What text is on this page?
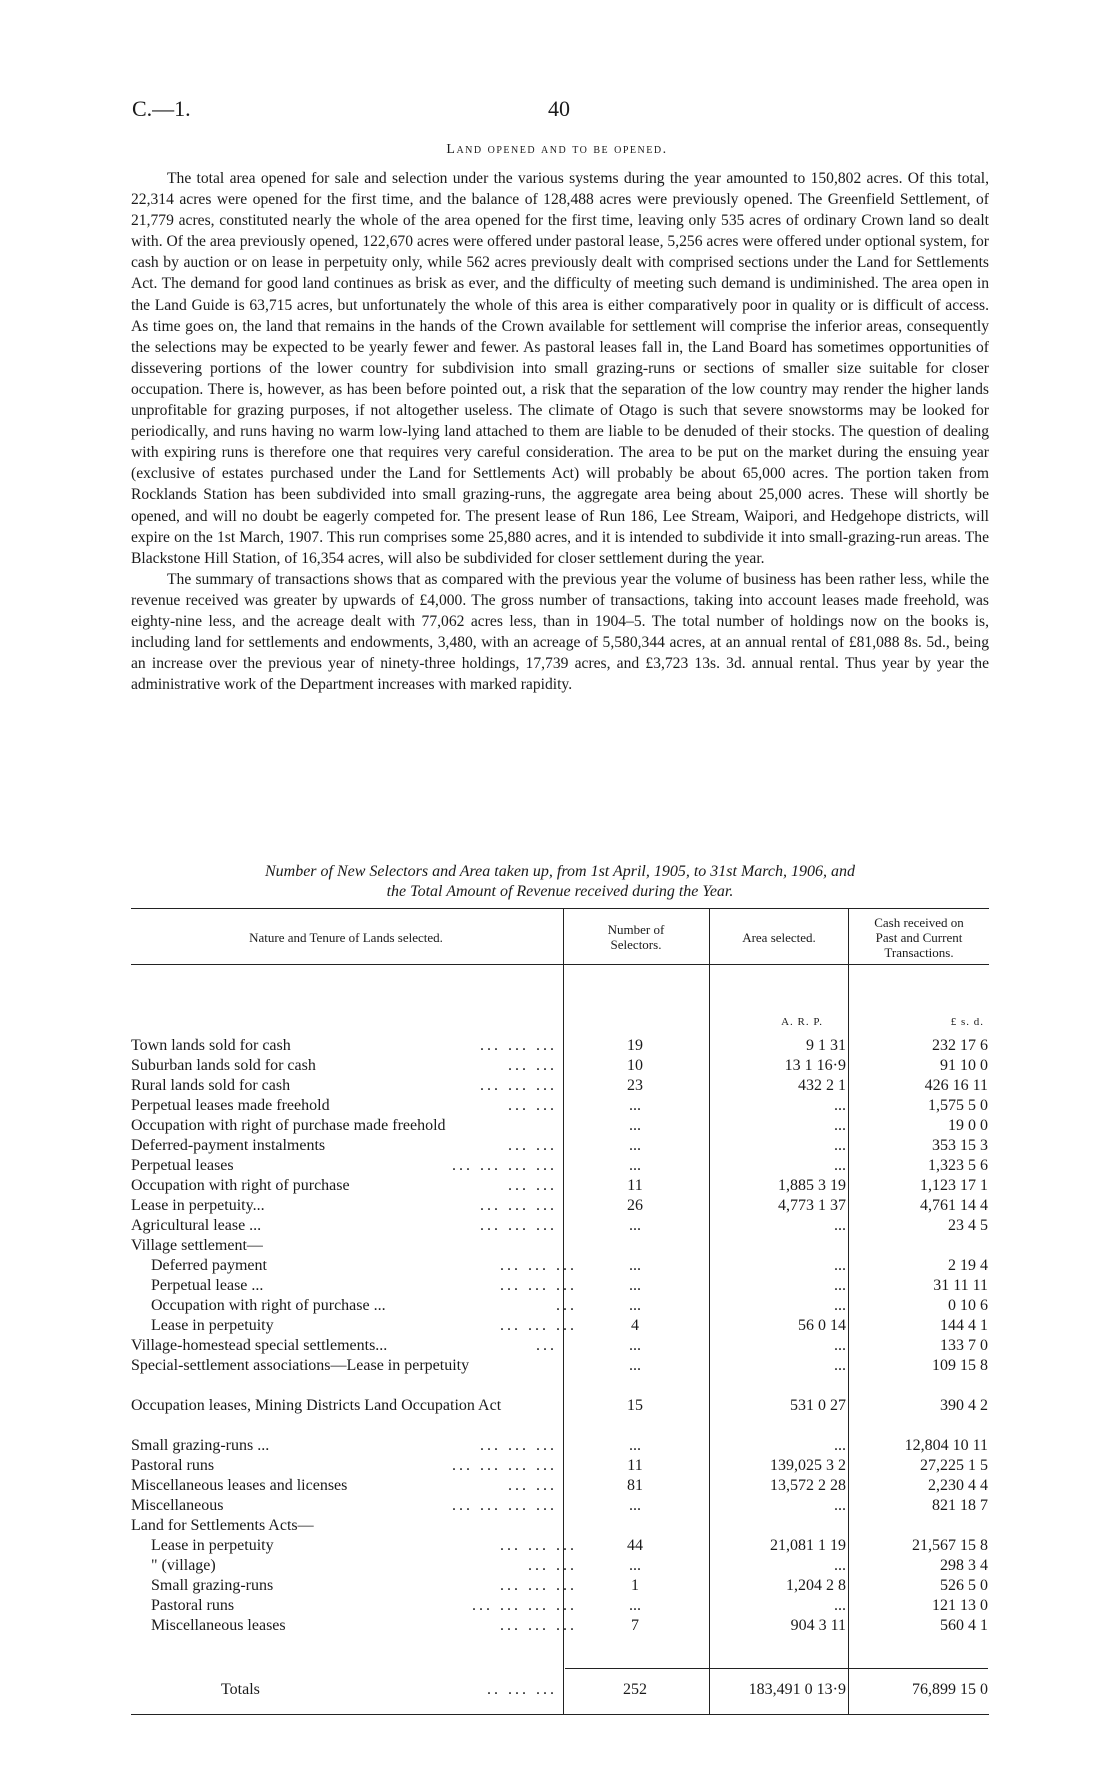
C.—1.	40
Land opened and to be opened.

The total area opened for sale and selection under the various systems during the year amounted to 150,802 acres. Of this total, 22,314 acres were opened for the first time, and the balance of 128,488 acres were previously opened. The Greenfield Settlement, of 21,779 acres, constituted nearly the whole of the area opened for the first time, leaving only 535 acres of ordinary Crown land so dealt with. Of the area previously opened, 122,670 acres were offered under pastoral lease, 5,256 acres were offered under optional system, for cash by auction or on lease in perpetuity only, while 562 acres previously dealt with comprised sections under the Land for Settlements Act. The demand for good land continues as brisk as ever, and the difficulty of meeting such demand is undiminished. The area open in the Land Guide is 63,715 acres, but unfortunately the whole of this area is either comparatively poor in quality or is difficult of access. As time goes on, the land that remains in the hands of the Crown available for settlement will comprise the inferior areas, consequently the selections may be expected to be yearly fewer and fewer. As pastoral leases fall in, the Land Board has sometimes opportunities of dissevering portions of the lower country for subdivision into small grazing-runs or sections of smaller size suitable for closer occupation. There is, however, as has been before pointed out, a risk that the separation of the low country may render the higher lands unprofitable for grazing purposes, if not altogether useless. The climate of Otago is such that severe snowstorms may be looked for periodically, and runs having no warm low-lying land attached to them are liable to be denuded of their stocks. The question of dealing with expiring runs is therefore one that requires very careful consideration. The area to be put on the market during the ensuing year (exclusive of estates purchased under the Land for Settlements Act) will probably be about 65,000 acres. The portion taken from Rocklands Station has been subdivided into small grazing-runs, the aggregate area being about 25,000 acres. These will shortly be opened, and will no doubt be eagerly competed for. The present lease of Run 186, Lee Stream, Waipori, and Hedgehope districts, will expire on the 1st March, 1907. This run comprises some 25,880 acres, and it is intended to subdivide it into small-grazing-run areas. The Blackstone Hill Station, of 16,354 acres, will also be subdivided for closer settlement during the year.

The summary of transactions shows that as compared with the previous year the volume of business has been rather less, while the revenue received was greater by upwards of £4,000. The gross number of transactions, taking into account leases made freehold, was eighty-nine less, and the acreage dealt with 77,062 acres less, than in 1904–5. The total number of holdings now on the books is, including land for settlements and endowments, 3,480, with an acreage of 5,580,344 acres, at an annual rental of £81,088 8s. 5d., being an increase over the previous year of ninety-three holdings, 17,739 acres, and £3,723 13s. 3d. annual rental. Thus year by year the administrative work of the Department increases with marked rapidity.

Number of New Selectors and Area taken up, from 1st April, 1905, to 31st March, 1906, and
the Total Amount of Revenue received during the Year.
Nature and Tenure of Lands selected.
Number of
Selectors.	Area selected.
Cash received on
Past and Current
Transactions.
A. R. P.	£ s. d.
Town lands sold for cash	... ... ...	19	9 1 31	232 17 6
Suburban lands sold for cash	... ...	10	13 1 16·9	91 10 0
Rural lands sold for cash	... ... ...	23	432 2 1	426 16 11
Perpetual leases made freehold	... ...	...	...	1,575 5 0
Occupation with right of purchase made freehold	...	...	19 0 0
Deferred-payment instalments	... ...	...	...	353 15 3
Perpetual leases	... ... ... ...	...	...	1,323 5 6
Occupation with right of purchase	... ...	11	1,885 3 19	1,123 17 1
Lease in perpetuity...	... ... ...	26	4,773 1 37	4,761 14 4
Agricultural lease ...	... ... ...	...	...	23 4 5
Village settlement—
Deferred payment	... ... ...	...	...	2 19 4
Perpetual lease ...	... ... ...	...	...	31 11 11
Occupation with right of purchase ...	...	...	...	0 10 6
Lease in perpetuity	... ... ...	4	56 0 14	144 4 1
Village-homestead special settlements...	...	...	...	133 7 0
Special-settlement associations—Lease in perpetuity	...	...	109 15 8
Occupation leases, Mining Districts Land Occupation Act	15	531 0 27	390 4 2
Small grazing-runs ...	... ... ...	...	...	12,804 10 11
Pastoral runs	... ... ... ...	11	139,025 3 2	27,225 1 5
Miscellaneous leases and licenses	... ...	81	13,572 2 28	2,230 4 4
Miscellaneous	... ... ... ...	...	...	821 18 7
Land for Settlements Acts—
Lease in perpetuity	... ... ...	44	21,081 1 19	21,567 15 8
" (village)	... ...	...	...	298 3 4
Small grazing-runs	... ... ...	1	1,204 2 8	526 5 0
Pastoral runs	... ... ... ...	...	...	121 13 0
Miscellaneous leases	... ... ...	7	904 3 11	560 4 1
Totals	.. ... ...	252	183,491 0 13·9	76,899 15 0
